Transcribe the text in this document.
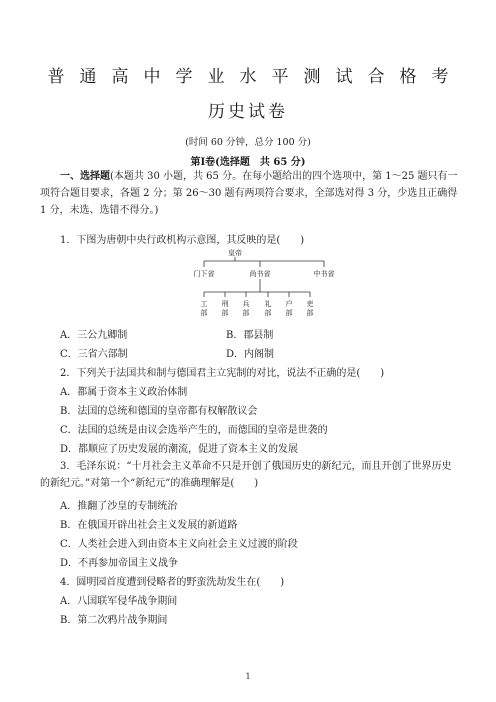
普通高中学业水平测试合格考
历史试卷
(时间 60 分钟，总分 100 分)
第Ⅰ卷(选择题　共 65 分)
一、选择题(本题共 30 小题，共 65 分。在每小题给出的四个选项中，第 1～25 题只有一项符合题目要求，各题 2 分；第 26～30 题有两项符合要求，全部选对得 3 分，少选且正确得 1 分，未选、选错不得分。)
1．下图为唐朝中央行政机构示意图，其反映的是(　　)
皇帝
门下省	尚书省	中书省
工部
刑部
兵部
礼部
户部
吏部
A．三公九卿制	B．郡县制
C．三省六部制	D．内阁制
2．下列关于法国共和制与德国君主立宪制的对比，说法不正确的是(　　)
A．都属于资本主义政治体制
B．法国的总统和德国的皇帝都有权解散议会
C．法国的总统是由议会选举产生的，而德国的皇帝是世袭的
D．都顺应了历史发展的潮流，促进了资本主义的发展
3．毛泽东说：“十月社会主义革命不只是开创了俄国历史的新纪元，而且开创了世界历史的新纪元。”对第一个“新纪元”的准确理解是(　　)
A．推翻了沙皇的专制统治
B．在俄国开辟出社会主义发展的新道路
C．人类社会进入到由资本主义向社会主义过渡的阶段
D．不再参加帝国主义战争
4．圆明园首度遭到侵略者的野蛮洗劫发生在(　　)
A．八国联军侵华战争期间
B．第二次鸦片战争期间
1
